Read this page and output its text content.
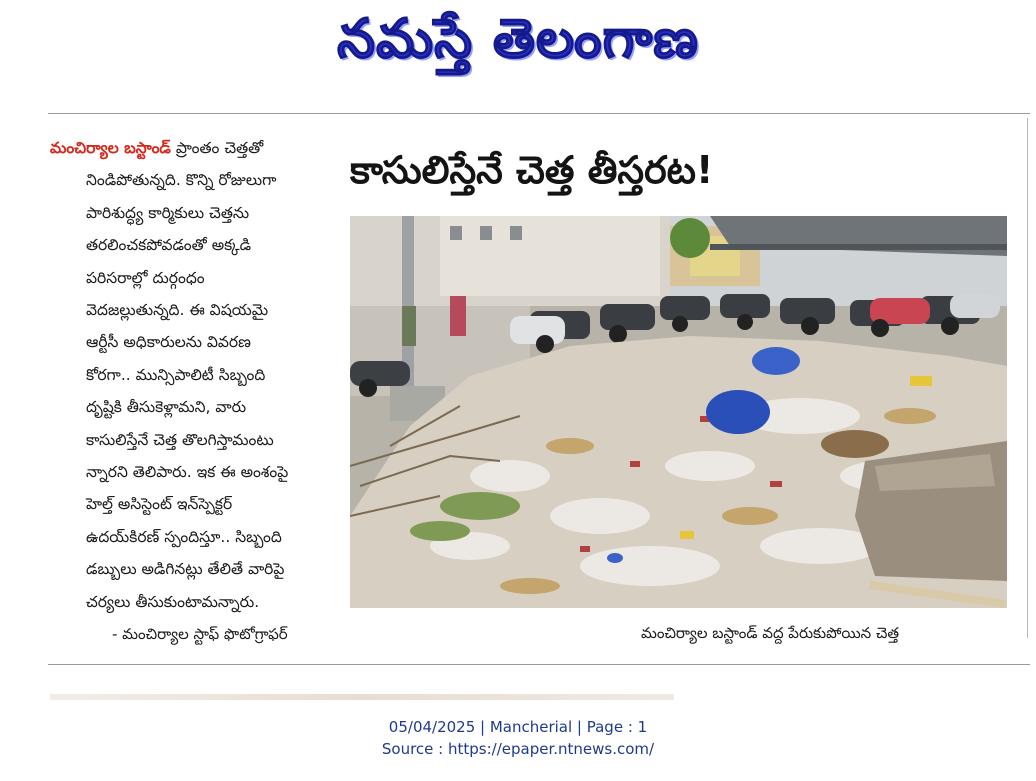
నమస్తే తెలంగాణ
మంచిర్యాల బస్టాండ్ ప్రాంతం చెత్తతో
నిండిపోతున్నది. కొన్ని రోజులుగా
పారిశుద్ధ్య కార్మికులు చెత్తను
తరలించకపోవడంతో అక్కడి
పరిసరాల్లో దుర్గంధం
వెదజల్లుతున్నది. ఈ విషయమై
ఆర్టీసీ అధికారులను వివరణ
కోరగా.. మున్సిపాలిటీ సిబ్బంది
దృష్టికి తీసుకెళ్లామని, వారు
కాసులిస్తేనే చెత్త తొలగిస్తామంటు
న్నారని తెలిపారు. ఇక ఈ అంశంపై
హెల్త్ అసిస్టెంట్ ఇన్‌స్పెక్టర్
ఉదయ్‌కిరణ్ స్పందిస్తూ.. సిబ్బంది
డబ్బులు అడిగినట్లు తేలితే వారిపై
చర్యలు తీసుకుంటామన్నారు.
- మంచిర్యాల స్టాఫ్ ఫొటోగ్రాఫర్
కాసులిస్తేనే చెత్త తీస్తరట!
మంచిర్యాల బస్టాండ్ వద్ద పేరుకుపోయిన చెత్త
05/04/2025 | Mancherial | Page : 1
Source : https://epaper.ntnews.com/
